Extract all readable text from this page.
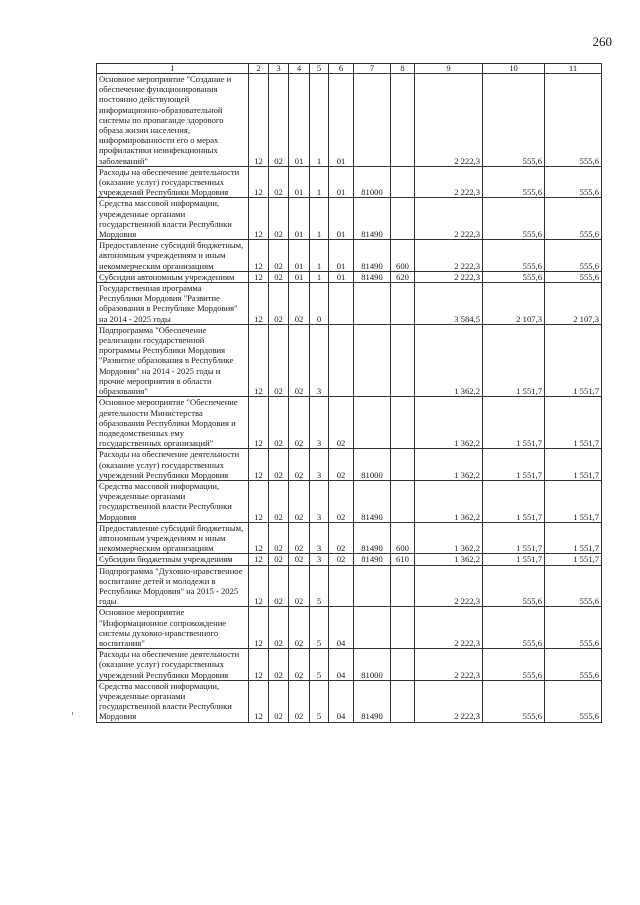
260
1	2	3	4	5	6	7	8	9	10	11
Основное мероприятие "Создание и обеспечение функционирования постоянно действующей информационно-образовательной системы по пропаганде здорового образа жизни населения, информированности его о мерах профилактики неинфекционных заболеваний"	12	02	01	1	01			2 222,3	555,6	555,6
Расходы на обеспечение деятельности (оказание услуг) государственных учреждений Республики Мордовия	12	02	01	1	01	81000		2 222,3	555,6	555,6
Средства массовой информации, учрежденные органами государственной власти Республики Мордовия	12	02	01	1	01	81490		2 222,3	555,6	555,6
Предоставление субсидий бюджетным, автономным учреждениям и иным некоммерческим организациям	12	02	01	1	01	81490	600	2 222,3	555,6	555,6
Субсидии автономным учреждениям	12	02	01	1	01	81490	620	2 222,3	555,6	555,6
Государственная программа Республики Мордовия "Развитие образования в Республике Мордовия" на 2014 - 2025 годы	12	02	02	0				3 584,5	2 107,3	2 107,3
Подпрограмма "Обеспечение реализации государственной программы Республики Мордовия "Развитие образования в Республике Мордовия" на 2014 - 2025 годы и прочие мероприятия в области образования"	12	02	02	3				1 362,2	1 551,7	1 551,7
Основное мероприятие "Обеспечение деятельности Министерства образования Республики Мордовия и подведомственных ему государственных организаций"	12	02	02	3	02			1 362,2	1 551,7	1 551,7
Расходы на обеспечение деятельности (оказание услуг) государственных учреждений Республики Мордовия	12	02	02	3	02	81000		1 362,2	1 551,7	1 551,7
Средства массовой информации, учрежденные органами государственной власти Республики Мордовия	12	02	02	3	02	81490		1 362,2	1 551,7	1 551,7
Предоставление субсидий бюджетным, автономным учреждениям и иным некоммерческим организациям	12	02	02	3	02	81490	600	1 362,2	1 551,7	1 551,7
Субсидии бюджетным учреждениям	12	02	02	3	02	81490	610	1 362,2	1 551,7	1 551,7
Подпрограмма "Духовно-нравственное воспитание детей и молодежи в Республике Мордовия" на 2015 - 2025 годы	12	02	02	5				2 222,3	555,6	555,6
Основное мероприятие "Информационное сопровождение системы духовно-нравственного воспитания"	12	02	02	5	04			2 222,3	555,6	555,6
Расходы на обеспечение деятельности (оказание услуг) государственных учреждений Республики Мордовия	12	02	02	5	04	81000		2 222,3	555,6	555,6
Средства массовой информации, учрежденные органами государственной власти Республики Мордовия	12	02	02	5	04	81490		2 222,3	555,6	555,6
